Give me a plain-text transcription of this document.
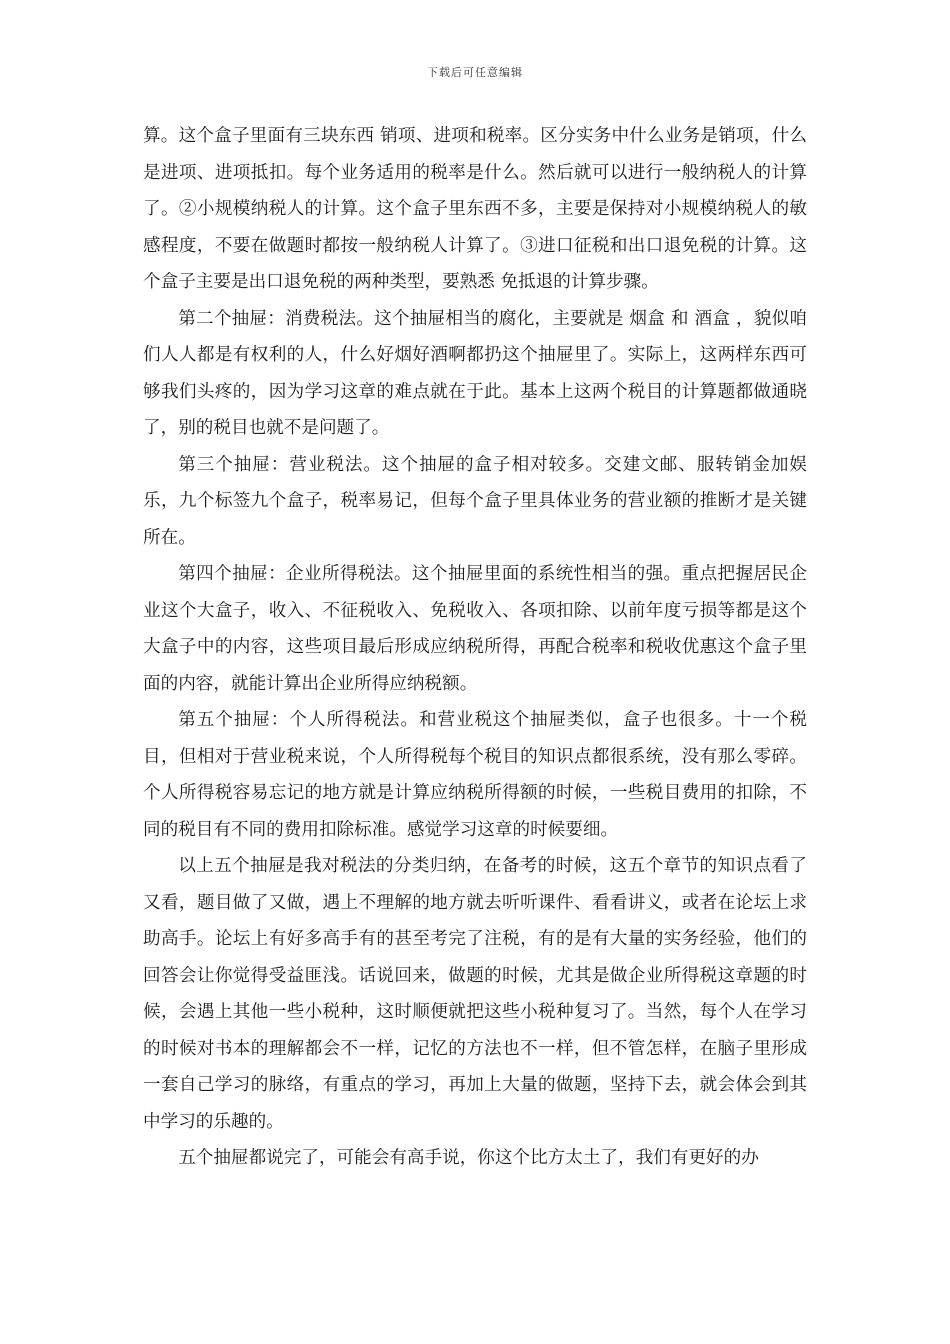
下载后可任意编辑

算。这个盒子里面有三块东西 销项、进项和税率。区分实务中什么业务是销项，什么是进项、进项抵扣。每个业务适用的税率是什么。然后就可以进行一般纳税人的计算了。②小规模纳税人的计算。这个盒子里东西不多，主要是保持对小规模纳税人的敏感程度，不要在做题时都按一般纳税人计算了。③进口征税和出口退免税的计算。这个盒子主要是出口退免税的两种类型，要熟悉 免抵退的计算步骤。

第二个抽屉：消费税法。这个抽屉相当的腐化，主要就是 烟盒 和 酒盒 ，貌似咱们人人都是有权利的人，什么好烟好酒啊都扔这个抽屉里了。实际上，这两样东西可够我们头疼的，因为学习这章的难点就在于此。基本上这两个税目的计算题都做通晓了，别的税目也就不是问题了。

第三个抽屉：营业税法。这个抽屉的盒子相对较多。交建文邮、服转销金加娱乐，九个标签九个盒子，税率易记，但每个盒子里具体业务的营业额的推断才是关键所在。

第四个抽屉：企业所得税法。这个抽屉里面的系统性相当的强。重点把握居民企业这个大盒子，收入、不征税收入、免税收入、各项扣除、以前年度亏损等都是这个大盒子中的内容，这些项目最后形成应纳税所得，再配合税率和税收优惠这个盒子里面的内容，就能计算出企业所得应纳税额。

第五个抽屉：个人所得税法。和营业税这个抽屉类似，盒子也很多。十一个税目，但相对于营业税来说，个人所得税每个税目的知识点都很系统，没有那么零碎。个人所得税容易忘记的地方就是计算应纳税所得额的时候，一些税目费用的扣除，不同的税目有不同的费用扣除标准。感觉学习这章的时候要细。

以上五个抽屉是我对税法的分类归纳，在备考的时候，这五个章节的知识点看了又看，题目做了又做，遇上不理解的地方就去听听课件、看看讲义，或者在论坛上求助高手。论坛上有好多高手有的甚至考完了注税，有的是有大量的实务经验，他们的回答会让你觉得受益匪浅。话说回来，做题的时候，尤其是做企业所得税这章题的时候，会遇上其他一些小税种，这时顺便就把这些小税种复习了。当然，每个人在学习的时候对书本的理解都会不一样，记忆的方法也不一样，但不管怎样，在脑子里形成一套自己学习的脉络，有重点的学习，再加上大量的做题，坚持下去，就会体会到其中学习的乐趣的。

五个抽屉都说完了，可能会有高手说，你这个比方太土了，我们有更好的办
